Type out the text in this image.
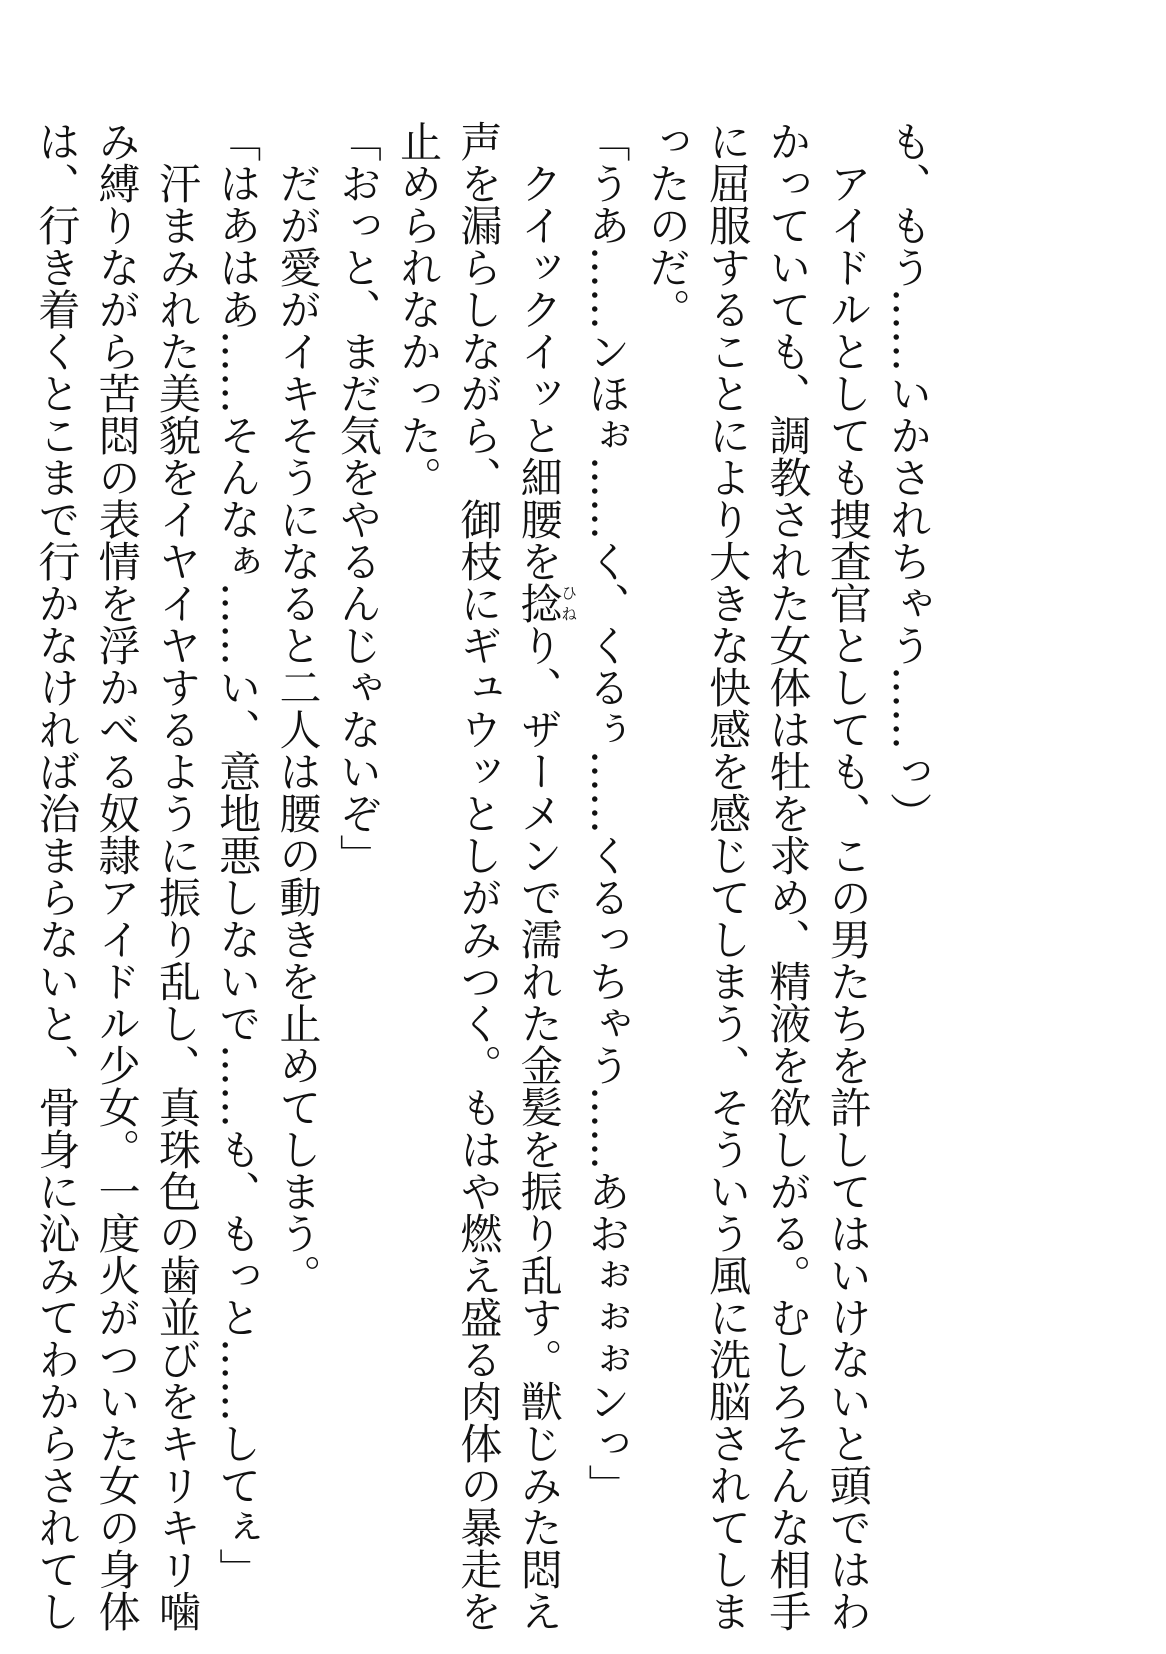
も、もう……いかされちゃう……っ）

　アイドルとしても捜査官としても、この男たちを許してはいけないと頭ではわ

かっていても、調教された女体は牡を求め、精液を欲しがる。むしろそんな相手

に屈服することにより大きな快感を感じてしまう、そういう風に洗脳されてしま

ったのだ。

「うあ……ンほぉ……く、くるぅ……くるっちゃう……あおぉぉぉンっ」

　クイックイッと細腰を捻ひねり、ザーメンで濡れた金髪を振り乱す。獣じみた悶え

声を漏らしながら、御枝にギュウッとしがみつく。もはや燃え盛る肉体の暴走を

止められなかった。

「おっと、まだ気をやるんじゃないぞ」

　だが愛がイキそうになると二人は腰の動きを止めてしまう。

「はあはあ……そんなぁ……い、意地悪しないで……も、もっと……してぇ」

　汗まみれた美貌をイヤイヤするように振り乱し、真珠色の歯並びをキリキリ噛

み縛りながら苦悶の表情を浮かべる奴隷アイドル少女。一度火がついた女の身体

は、行き着くとこまで行かなければ治まらないと、骨身に沁みてわからされてし
